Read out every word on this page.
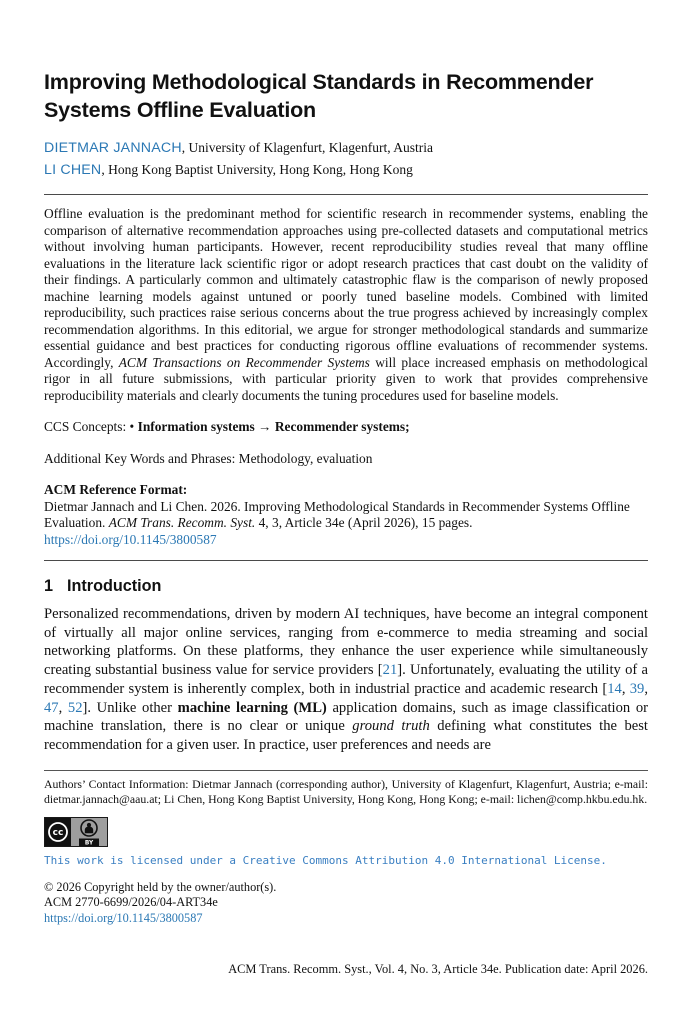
Improving Methodological Standards in Recommender Systems Offline Evaluation
DIETMAR JANNACH, University of Klagenfurt, Klagenfurt, Austria
LI CHEN, Hong Kong Baptist University, Hong Kong, Hong Kong

Offline evaluation is the predominant method for scientific research in recommender systems, enabling the comparison of alternative recommendation approaches using pre-collected datasets and computational metrics without involving human participants. However, recent reproducibility studies reveal that many offline evaluations in the literature lack scientific rigor or adopt research practices that cast doubt on the validity of their findings. A particularly common and ultimately catastrophic flaw is the comparison of newly proposed machine learning models against untuned or poorly tuned baseline models. Combined with limited reproducibility, such practices raise serious concerns about the true progress achieved by increasingly complex recommendation algorithms. In this editorial, we argue for stronger methodological standards and summarize essential guidance and best practices for conducting rigorous offline evaluations of recommender systems. Accordingly, ACM Transactions on Recommender Systems will place increased emphasis on methodological rigor in all future submissions, with particular priority given to work that provides comprehensive reproducibility materials and clearly documents the tuning procedures used for baseline models.

CCS Concepts: • Information systems → Recommender systems;

Additional Key Words and Phrases: Methodology, evaluation

ACM Reference Format:

Dietmar Jannach and Li Chen. 2026. Improving Methodological Standards in Recommender Systems Offline Evaluation. ACM Trans. Recomm. Syst. 4, 3, Article 34e (April 2026), 15 pages. https://doi.org/10.1145/3800587

1 Introduction

Personalized recommendations, driven by modern AI techniques, have become an integral component of virtually all major online services, ranging from e-commerce to media streaming and social networking platforms. On these platforms, they enhance the user experience while simultaneously creating substantial business value for service providers [21]. Unfortunately, evaluating the utility of a recommender system is inherently complex, both in industrial practice and academic research [14, 39, 47, 52]. Unlike other machine learning (ML) application domains, such as image classification or machine translation, there is no clear or unique ground truth defining what constitutes the best recommendation for a given user. In practice, user preferences and needs are

Authors’ Contact Information: Dietmar Jannach (corresponding author), University of Klagenfurt, Klagenfurt, Austria; e-mail: dietmar.jannach@aau.at; Li Chen, Hong Kong Baptist University, Hong Kong, Hong Kong; e-mail: lichen@comp.hkbu.edu.hk.

cc
BY

This work is licensed under a Creative Commons Attribution 4.0 International License.

© 2026 Copyright held by the owner/author(s).

ACM 2770-6699/2026/04-ART34e

https://doi.org/10.1145/3800587

ACM Trans. Recomm. Syst., Vol. 4, No. 3, Article 34e. Publication date: April 2026.
